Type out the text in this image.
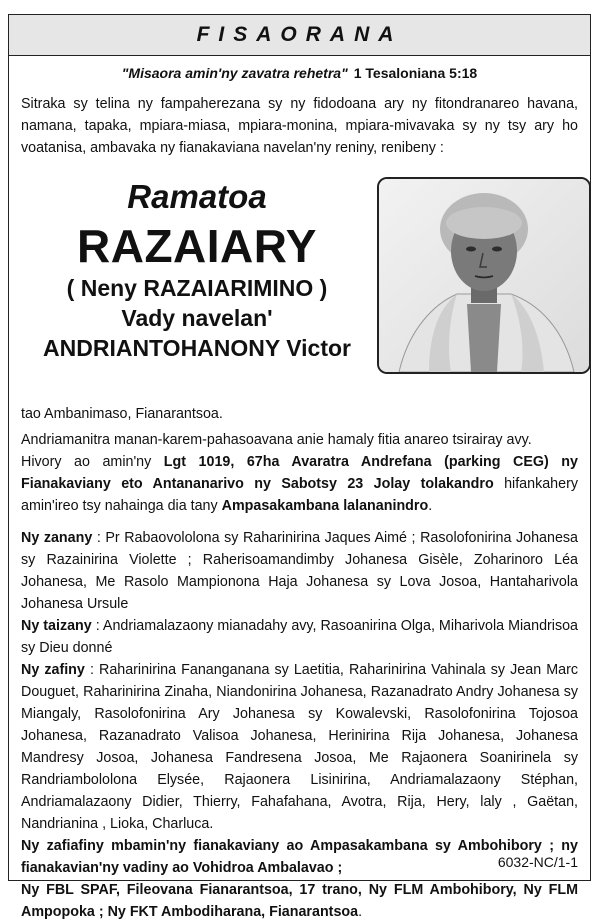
FISAORANA
"Misaora amin'ny zavatra rehetra" 1 Tesaloniana 5:18

Sitraka sy telina ny fampaherezana sy ny fidodoana ary ny fitondranareo havana, namana, tapaka, mpiara-miasa, mpiara-monina, mpiara-mivavaka sy ny tsy ary ho voatanisa, ambavaka ny fianakaviana navelan'ny reniny, renibeny :

Ramatoa
RAZAIARY
( Neny RAZAIARIMINO )
Vady navelan'
ANDRIANTOHANONY Victor

tao Ambanimaso, Fianarantsoa.

Andriamanitra manan-karem-pahasoavana anie hamaly fitia anareo tsirairay avy.

Hivory ao amin'ny Lgt 1019, 67ha Avaratra Andrefana (parking CEG) ny Fianakaviany eto Antananarivo ny Sabotsy 23 Jolay tolakandro hifankahery amin'ireo tsy nahainga dia tany Ampasakambana lalananindro.

Ny zanany : Pr Rabaovololona sy Raharinirina Jaques Aimé ; Rasolofonirina Johanesa sy Razainirina Violette ; Raherisoamandimby Johanesa Gisèle, Zoharinoro Léa Johanesa, Me Rasolo Mampionona Haja Johanesa sy Lova Josoa, Hantaharivola Johanesa Ursule

Ny taizany : Andriamalazaony mianadahy avy, Rasoanirina Olga, Miharivola Miandrisoa sy Dieu donné

Ny zafiny : Raharinirina Fananganana sy Laetitia, Raharinirina Vahinala sy Jean Marc Douguet, Raharinirina Zinaha, Niandonirina Johanesa, Razanadrato Andry Johanesa sy Miangaly, Rasolofonirina Ary Johanesa sy Kowalevski, Rasolofonirina Tojosoa Johanesa, Razanadrato Valisoa Johanesa, Herinirina Rija Johanesa, Johanesa Mandresy Josoa, Johanesa Fandresena Josoa, Me Rajaonera Soanirinela sy Randriambololona Elysée, Rajaonera Lisinirina, Andriamalazaony Stéphan, Andriamalazaony Didier, Thierry, Fahafahana, Avotra, Rija, Hery, laly , Gaëtan, Nandrianina , Lioka, Charluca.

Ny zafiafiny mbamin'ny fianakaviany ao Ampasakambana sy Ambohibory ; ny fianakavian'ny vadiny ao Vohidroa Ambalavao ;

Ny FBL SPAF, Fileovana Fianarantsoa, 17 trano, Ny FLM Ambohibory, Ny FLM Ampopoka ; Ny FKT Ambodiharana, Fianarantsoa.

6032-NC/1-1
